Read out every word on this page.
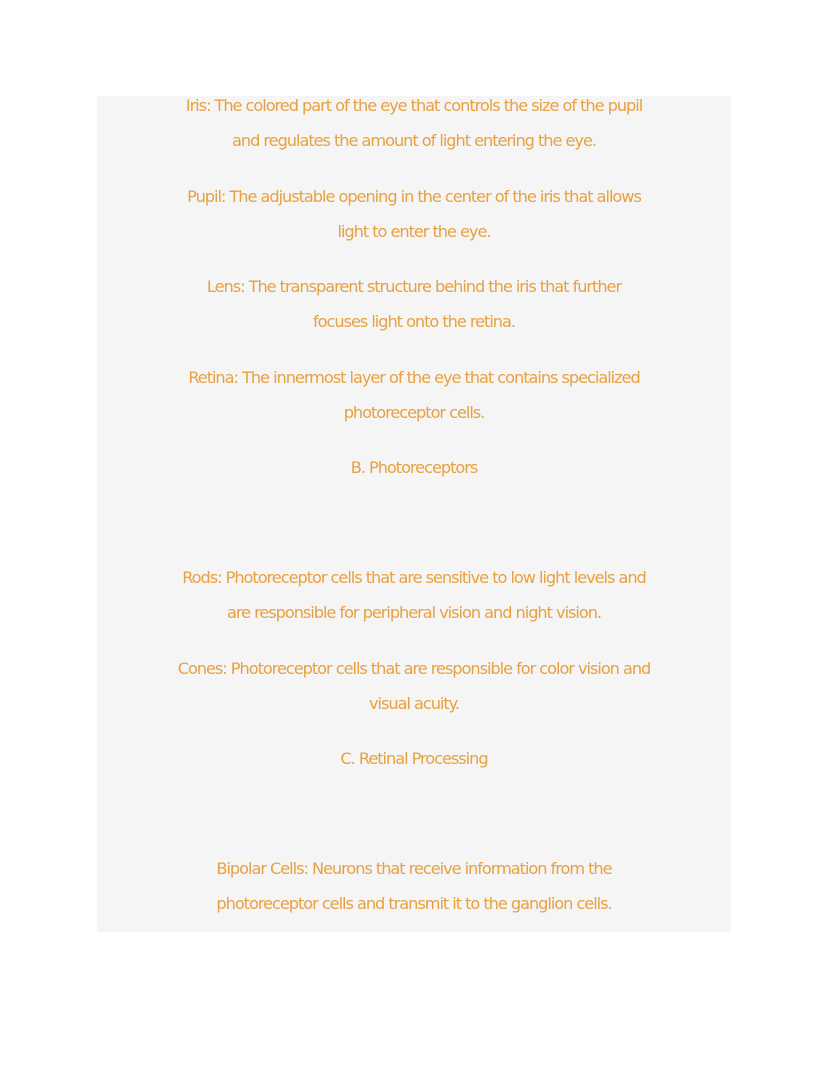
Iris: The colored part of the eye that controls the size of the pupil
and regulates the amount of light entering the eye.

Pupil: The adjustable opening in the center of the iris that allows
light to enter the eye.

Lens: The transparent structure behind the iris that further
focuses light onto the retina.

Retina: The innermost layer of the eye that contains specialized
photoreceptor cells.

B. Photoreceptors

Rods: Photoreceptor cells that are sensitive to low light levels and
are responsible for peripheral vision and night vision.

Cones: Photoreceptor cells that are responsible for color vision and
visual acuity.

C. Retinal Processing

Bipolar Cells: Neurons that receive information from the
photoreceptor cells and transmit it to the ganglion cells.
